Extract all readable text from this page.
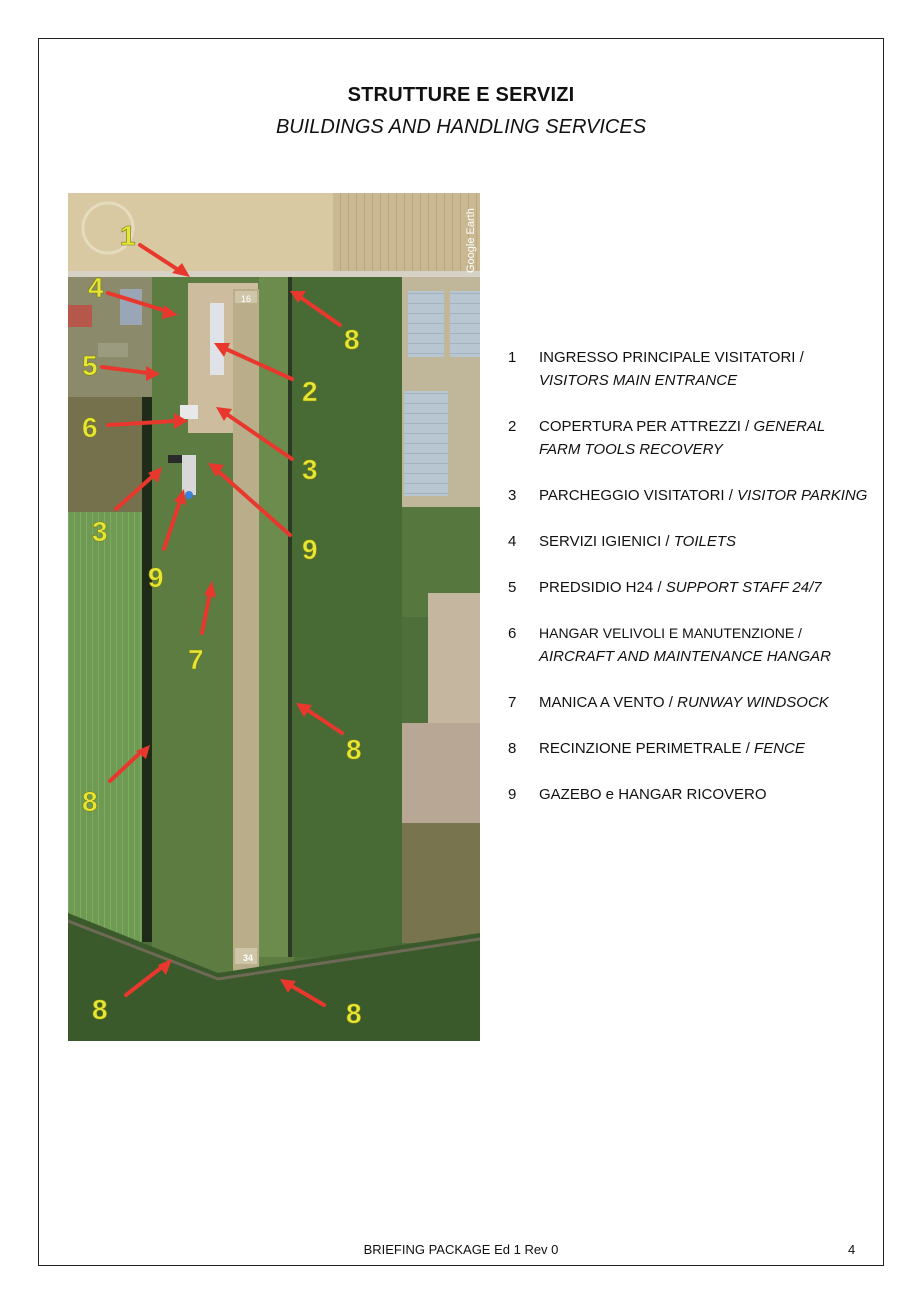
STRUTTURE E SERVIZI
BUILDINGS AND HANDLING SERVICES
16
34
Google Earth
1
2
3
3
4
5
6
7
8
8
8
8	8
9
9
1	INGRESSO PRINCIPALE VISITATORI /
VISITORS MAIN ENTRANCE
2	COPERTURA PER ATTREZZI / GENERAL FARM TOOLS RECOVERY
3	PARCHEGGIO VISITATORI / VISITOR PARKING
4	SERVIZI IGIENICI / TOILETS
5	PREDSIDIO H24 / SUPPORT STAFF 24/7
6	HANGAR VELIVOLI E MANUTENZIONE /
AIRCRAFT AND MAINTENANCE HANGAR
7	MANICA A VENTO / RUNWAY WINDSOCK
8	RECINZIONE PERIMETRALE / FENCE
9	GAZEBO e HANGAR RICOVERO
BRIEFING PACKAGE Ed 1 Rev 0	4
